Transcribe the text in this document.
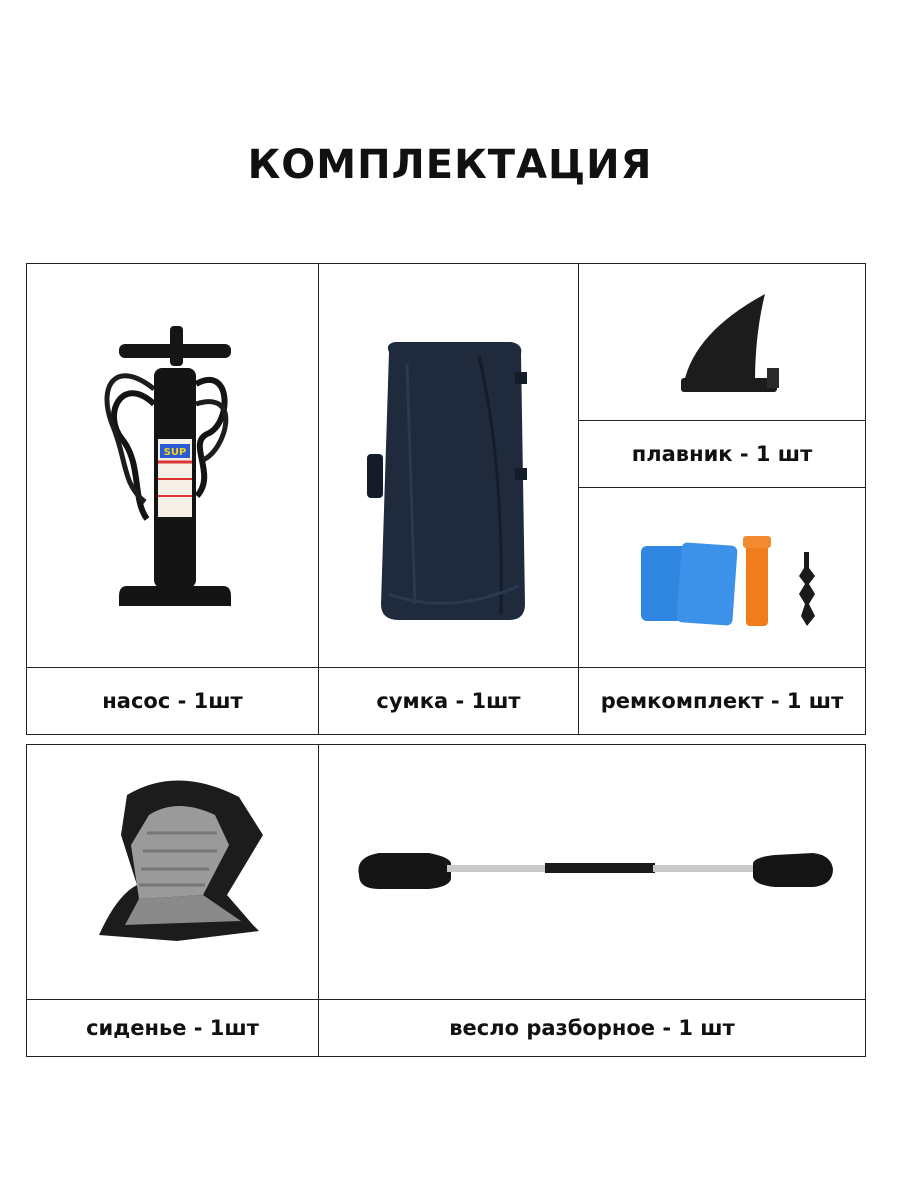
КОМПЛЕКТАЦИЯ
SUP	плавник - 1 шт
насос - 1шт	сумка - 1шт	ремкомплект - 1 шт
сиденье - 1шт	весло разборное - 1 шт
